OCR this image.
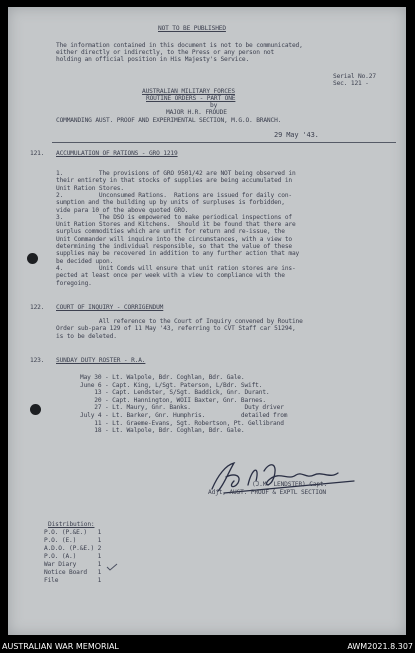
NOT TO BE PUBLISHED
The information contained in this document is not to be communicated,
either directly or indirectly, to the Press or any person not
holding an official position in His Majesty's Service.
Serial No.27
Sec. 121 -
AUSTRALIAN MILITARY FORCES
ROUTINE ORDERS - PART ONE
by
MAJOR H.R. FROUDE
COMMANDING AUST. PROOF AND EXPERIMENTAL SECTION, M.G.O. BRANCH.
29 May '43.
121. ACCUMULATION OF RATIONS - GRO 1219
1.          The provisions of GRO 9501/42 are NOT being observed in
their entirety in that stocks of supplies are being accumulated in
Unit Ration Stores.
2.          Unconsumed Rations.  Rations are issued for daily con-
sumption and the building up by units of surpluses is forbidden,
vide para 10 of the above quoted GRO.
3.          The DSO is empowered to make periodical inspections of
Unit Ration Stores and Kitchens.  Should it be found that there are
surplus commodities which are unfit for return and re-issue, the
Unit Commander will inquire into the circumstances, with a view to
determining the individual responsible, so that the value of these
supplies may be recovered in addition to any further action that may
be decided upon.
4.          Unit Comds will ensure that unit ration stores are ins-
pected at least once per week with a view to compliance with the
foregoing.
122. COURT OF INQUIRY - CORRIGENDUM
All reference to the Court of Inquiry convened by Routine
Order sub-para 129 of 11 May '43, referring to CVT Staff car 51294,
is to be deleted.
123. SUNDAY DUTY ROSTER - R.A.
May 30 - Lt. Walpole, Bdr. Coghlan, Bdr. Gale.
June 6 - Capt. King, L/Sgt. Paterson, L/Bdr. Swift.
13 - Capt. Lendster, S/Sgt. Baddick, Gnr. Durant.
20 - Capt. Hannington, WOII Baxter, Gnr. Barnes.
27 - Lt. Maury, Gnr. Banks.               Duty driver
July 4 - Lt. Barker, Gnr. Humphris.          detailed from
11 - Lt. Graeme-Evans, Sgt. Robertson, Pt. Gellibrand
18 - Lt. Walpole, Bdr. Coghlan, Bdr. Gale.
(J.M. LENDSTER) Capt.
Adjt, AUST. PROOF & EXPTL SECTION
Distribution:
P.O. (P.&E.)   1
P.O. (E.)      1
A.D.O. (P.&E.) 2
P.O. (A.)      1
War Diary      1
Notice Board   1
File           1
AUSTRALIAN WAR MEMORIAL	AWM2021.8.307
